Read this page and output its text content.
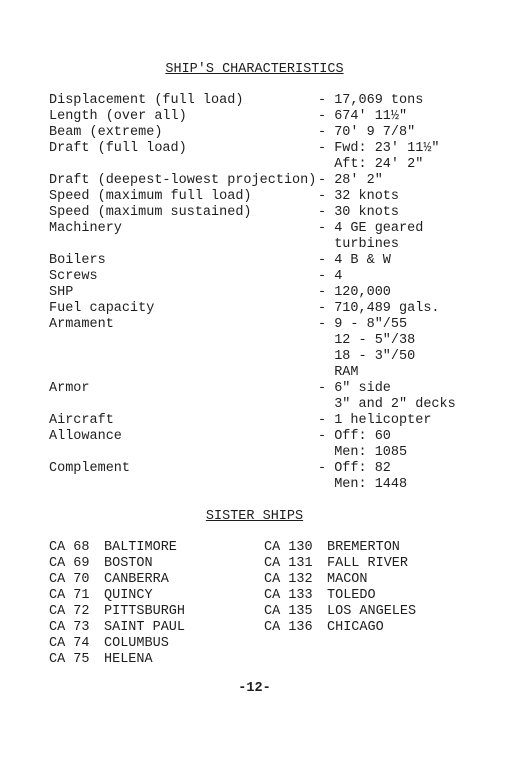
SHIP'S CHARACTERISTICS
Displacement (full load)	- 17,069 tons
Length (over all)	- 674' 11½"
Beam (extreme)	- 70' 9 7/8"
Draft (full load)	- Fwd: 23' 11½"
Aft: 24' 2"
Draft (deepest-lowest projection) - 28' 2"
Speed (maximum full load)	- 32 knots
Speed (maximum sustained)	- 30 knots
Machinery	- 4 GE geared
turbines
Boilers	- 4 B & W
Screws	- 4
SHP	- 120,000
Fuel capacity	- 710,489 gals.
Armament	- 9 - 8"/55
12 - 5"/38
18 - 3"/50
RAM
Armor	- 6" side
3" and 2" decks
Aircraft	- 1 helicopter
Allowance	- Off: 60
Men: 1085
Complement	- Off: 82
Men: 1448
SISTER SHIPS
CA 68 BALTIMORE
CA 69 BOSTON
CA 70 CANBERRA
CA 71 QUINCY
CA 72 PITTSBURGH
CA 73 SAINT PAUL
CA 74 COLUMBUS
CA 75 HELENA
CA 130 BREMERTON
CA 131 FALL RIVER
CA 132 MACON
CA 133 TOLEDO
CA 135 LOS ANGELES
CA 136 CHICAGO
-12-
